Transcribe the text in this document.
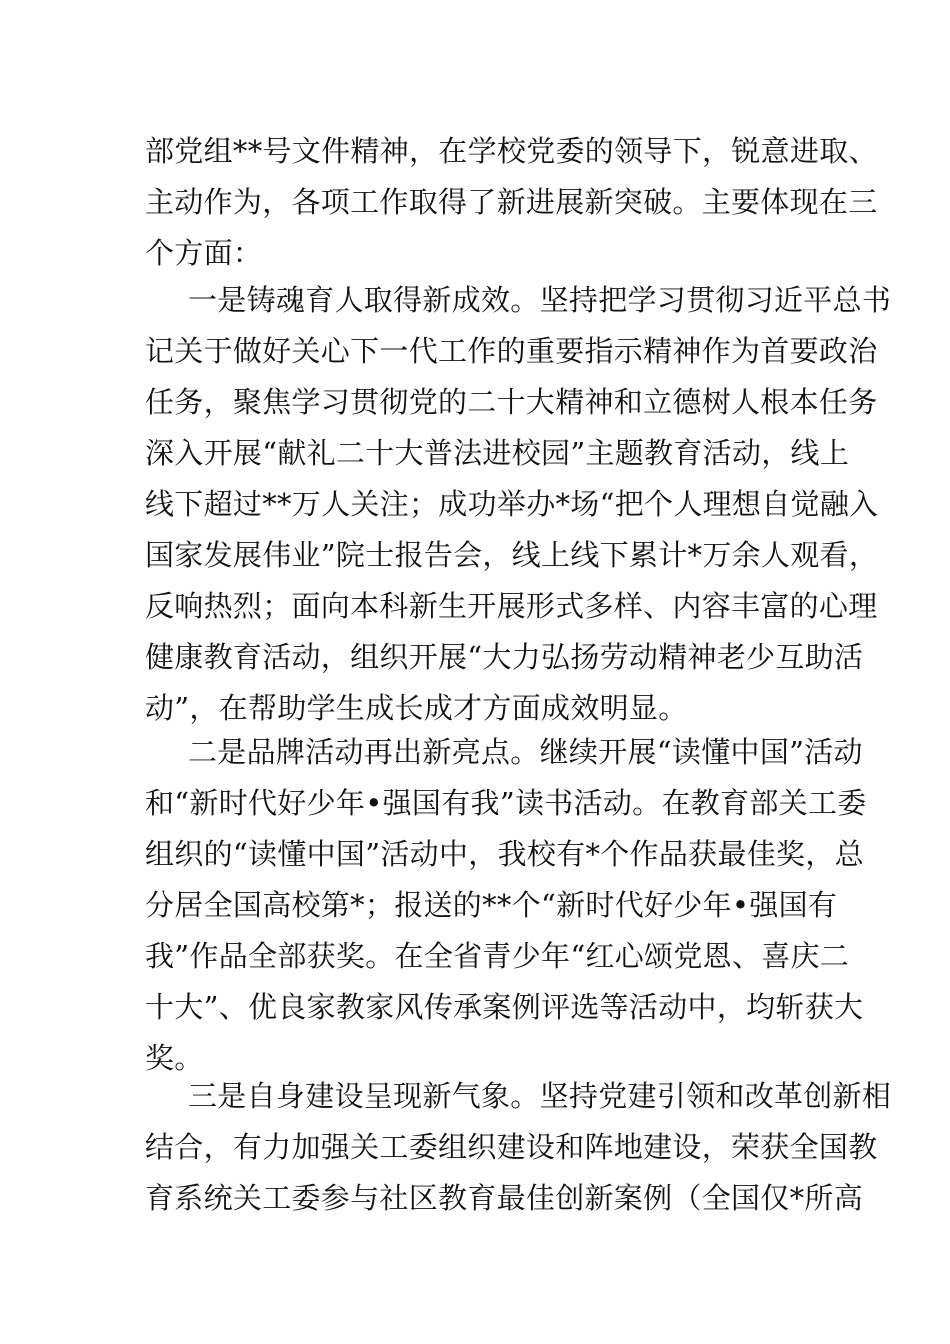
部党组**号文件精神，在学校党委的领导下，锐意进取、
主动作为，各项工作取得了新进展新突破。主要体现在三
个方面：
一是铸魂育人取得新成效。坚持把学习贯彻习近平总书
记关于做好关心下一代工作的重要指示精神作为首要政治
任务，聚焦学习贯彻党的二十大精神和立德树人根本任务
深入开展“献礼二十大普法进校园”主题教育活动，线上
线下超过**万人关注；成功举办*场“把个人理想自觉融入
国家发展伟业”院士报告会，线上线下累计*万余人观看，
反响热烈；面向本科新生开展形式多样、内容丰富的心理
健康教育活动，组织开展“大力弘扬劳动精神老少互助活
动”，在帮助学生成长成才方面成效明显。
二是品牌活动再出新亮点。继续开展“读懂中国”活动
和“新时代好少年•强国有我”读书活动。在教育部关工委
组织的“读懂中国”活动中，我校有*个作品获最佳奖，总
分居全国高校第*；报送的**个“新时代好少年•强国有
我”作品全部获奖。在全省青少年“红心颂党恩、喜庆二
十大”、优良家教家风传承案例评选等活动中，均斩获大
奖。
三是自身建设呈现新气象。坚持党建引领和改革创新相
结合，有力加强关工委组织建设和阵地建设，荣获全国教
育系统关工委参与社区教育最佳创新案例（全国仅*所高
